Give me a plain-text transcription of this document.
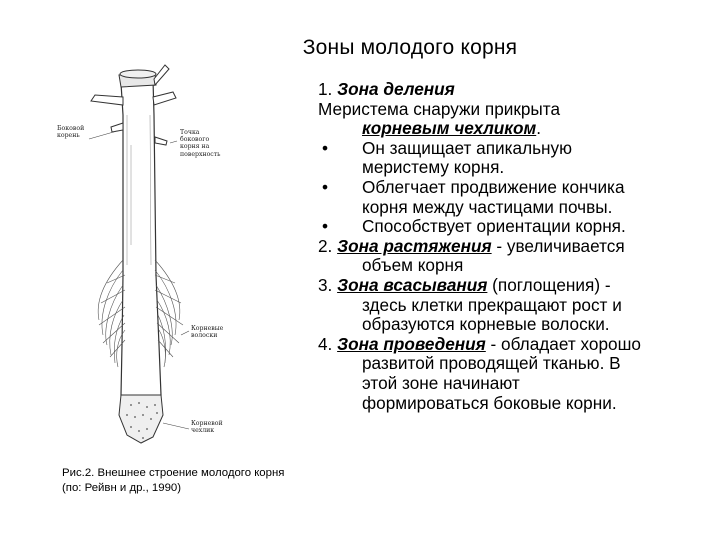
Зоны молодого корня
Боковой
корень	Точка
бокового
корня на
поверхность
Корневые
волоски
Корневой
чехлик
1. Зона деления
Меристема снаружи прикрыта
корневым чехликом.
• Он защищает апикальную
меристему корня.
• Облегчает продвижение кончика
корня между частицами почвы.
• Способствует ориентации корня.
2. Зона растяжения - увеличивается
объем корня
3. Зона всасывания (поглощения) -
здесь клетки прекращают рост и
образуются корневые волоски.
4. Зона проведения - обладает хорошо
развитой проводящей тканью. В
этой зоне начинают
формироваться боковые корни.
Рис.2. Внешнее строение молодого корня
(по: Рейвн и др., 1990)
